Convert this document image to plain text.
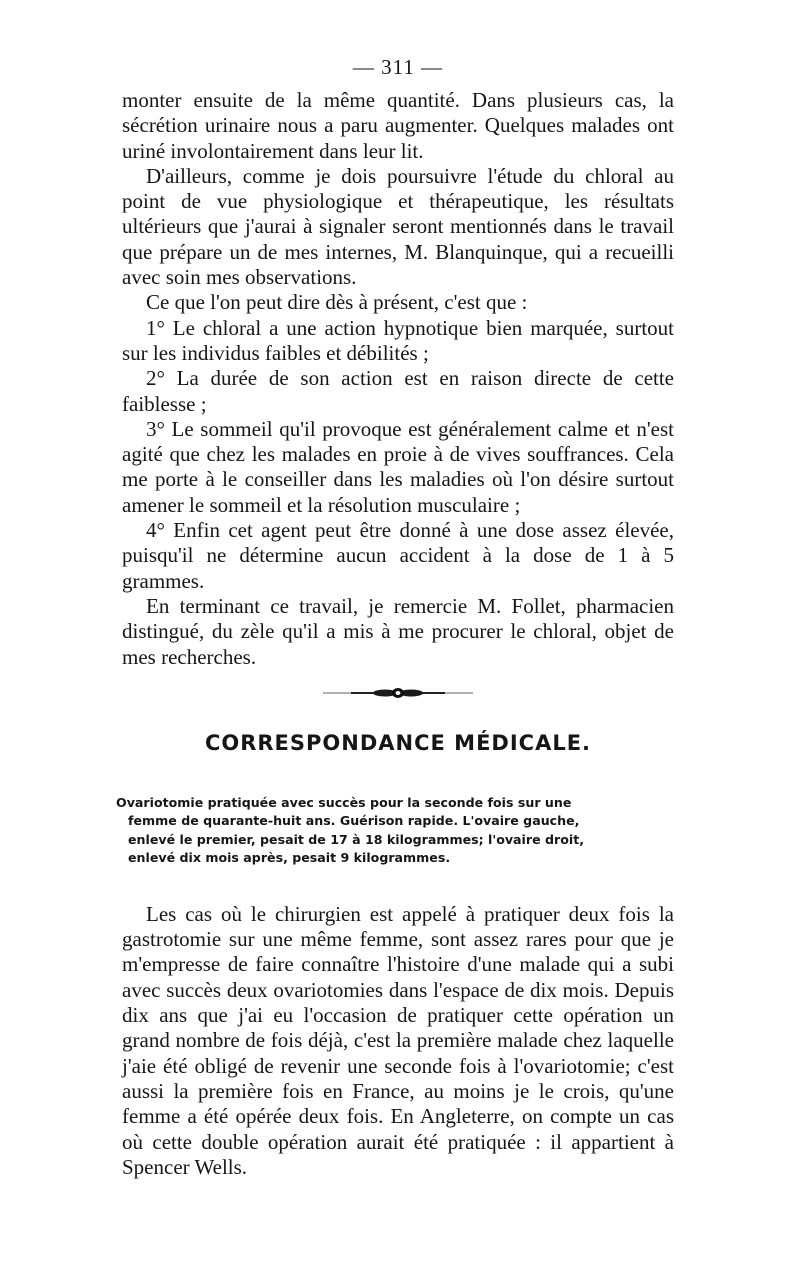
— 311 —

monter ensuite de la même quantité. Dans plusieurs cas, la sécrétion urinaire nous a paru augmenter. Quelques malades ont uriné involontairement dans leur lit.

D'ailleurs, comme je dois poursuivre l'étude du chloral au point de vue physiologique et thérapeutique, les résultats ultérieurs que j'aurai à signaler seront mentionnés dans le travail que prépare un de mes internes, M. Blanquinque, qui a recueilli avec soin mes observations.

Ce que l'on peut dire dès à présent, c'est que :

1° Le chloral a une action hypnotique bien marquée, surtout sur les individus faibles et débilités ;

2° La durée de son action est en raison directe de cette faiblesse ;

3° Le sommeil qu'il provoque est généralement calme et n'est agité que chez les malades en proie à de vives souffrances. Cela me porte à le conseiller dans les maladies où l'on désire surtout amener le sommeil et la résolution musculaire ;

4° Enfin cet agent peut être donné à une dose assez élevée, puisqu'il ne détermine aucun accident à la dose de 1 à 5 grammes.

En terminant ce travail, je remercie M. Follet, pharmacien distingué, du zèle qu'il a mis à me procurer le chloral, objet de mes recherches.

CORRESPONDANCE MÉDICALE.
Ovariotomie pratiquée avec succès pour la seconde fois sur une
femme de quarante-huit ans. Guérison rapide. L'ovaire gauche,
enlevé le premier, pesait de 17 à 18 kilogrammes; l'ovaire droit,
enlevé dix mois après, pesait 9 kilogrammes.

Les cas où le chirurgien est appelé à pratiquer deux fois la gastrotomie sur une même femme, sont assez rares pour que je m'empresse de faire connaître l'histoire d'une malade qui a subi avec succès deux ovariotomies dans l'espace de dix mois. Depuis dix ans que j'ai eu l'occasion de pratiquer cette opération un grand nombre de fois déjà, c'est la première malade chez laquelle j'aie été obligé de revenir une seconde fois à l'ovariotomie; c'est aussi la première fois en France, au moins je le crois, qu'une femme a été opérée deux fois. En Angleterre, on compte un cas où cette double opération aurait été pratiquée : il appartient à Spencer Wells.
